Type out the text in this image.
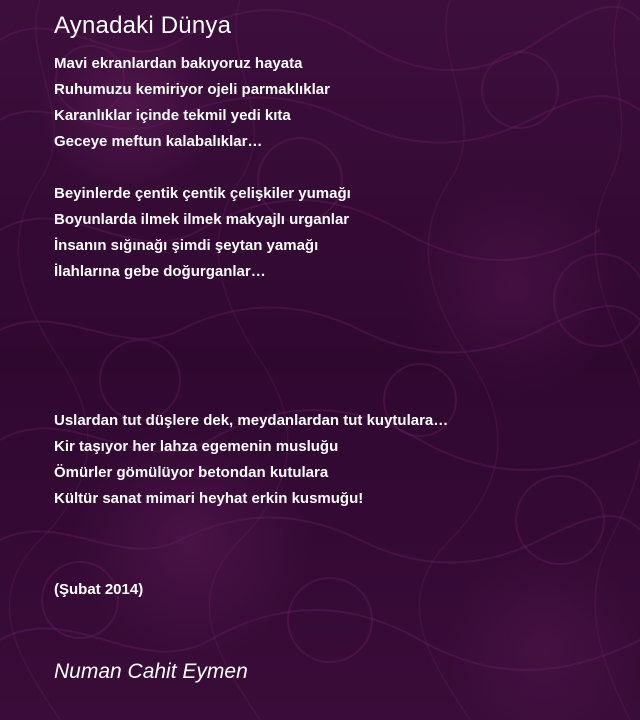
Aynadaki Dünya
Mavi ekranlardan bakıyoruz hayata
Ruhumuzu kemiriyor ojeli parmaklıklar
Karanlıklar içinde tekmil yedi kıta
Geceye meftun kalabalıklar…
Beyinlerde çentik çentik çelişkiler yumağı
Boyunlarda ilmek ilmek makyajlı urganlar
İnsanın sığınağı şimdi şeytan yamağı
İlahlarına gebe doğurganlar…
Uslardan tut düşlere dek, meydanlardan tut kuytulara…
Kir taşıyor her lahza egemenin musluğu
Ömürler gömülüyor betondan kutulara
Kültür sanat mimari heyhat erkin kusmuğu!
(Şubat 2014)
Numan Cahit Eymen
